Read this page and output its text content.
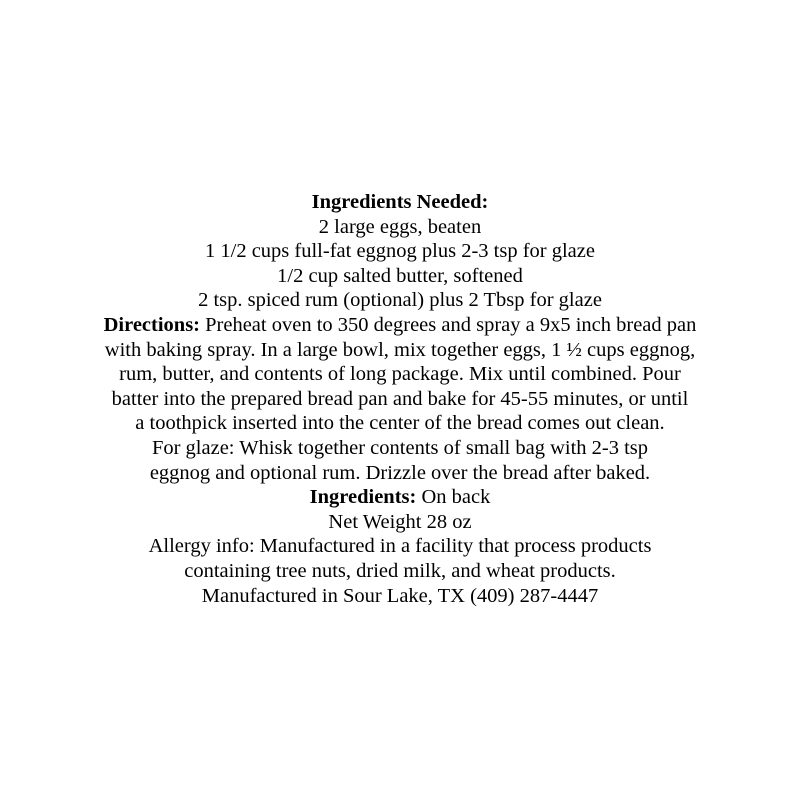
Ingredients Needed:
2 large eggs, beaten
1 1/2 cups full-fat eggnog plus 2-3 tsp for glaze
1/2 cup salted butter, softened
2 tsp. spiced rum (optional) plus 2 Tbsp for glaze
Directions: Preheat oven to 350 degrees and spray a 9x5 inch bread pan
with baking spray. In a large bowl, mix together eggs, 1 ½ cups eggnog,
rum, butter, and contents of long package. Mix until combined. Pour
batter into the prepared bread pan and bake for 45-55 minutes, or until
a toothpick inserted into the center of the bread comes out clean.
For glaze: Whisk together contents of small bag with 2-3 tsp
eggnog and optional rum. Drizzle over the bread after baked.
Ingredients: On back
Net Weight 28 oz
Allergy info: Manufactured in a facility that process products
containing tree nuts, dried milk, and wheat products.
Manufactured in Sour Lake, TX (409) 287-4447
